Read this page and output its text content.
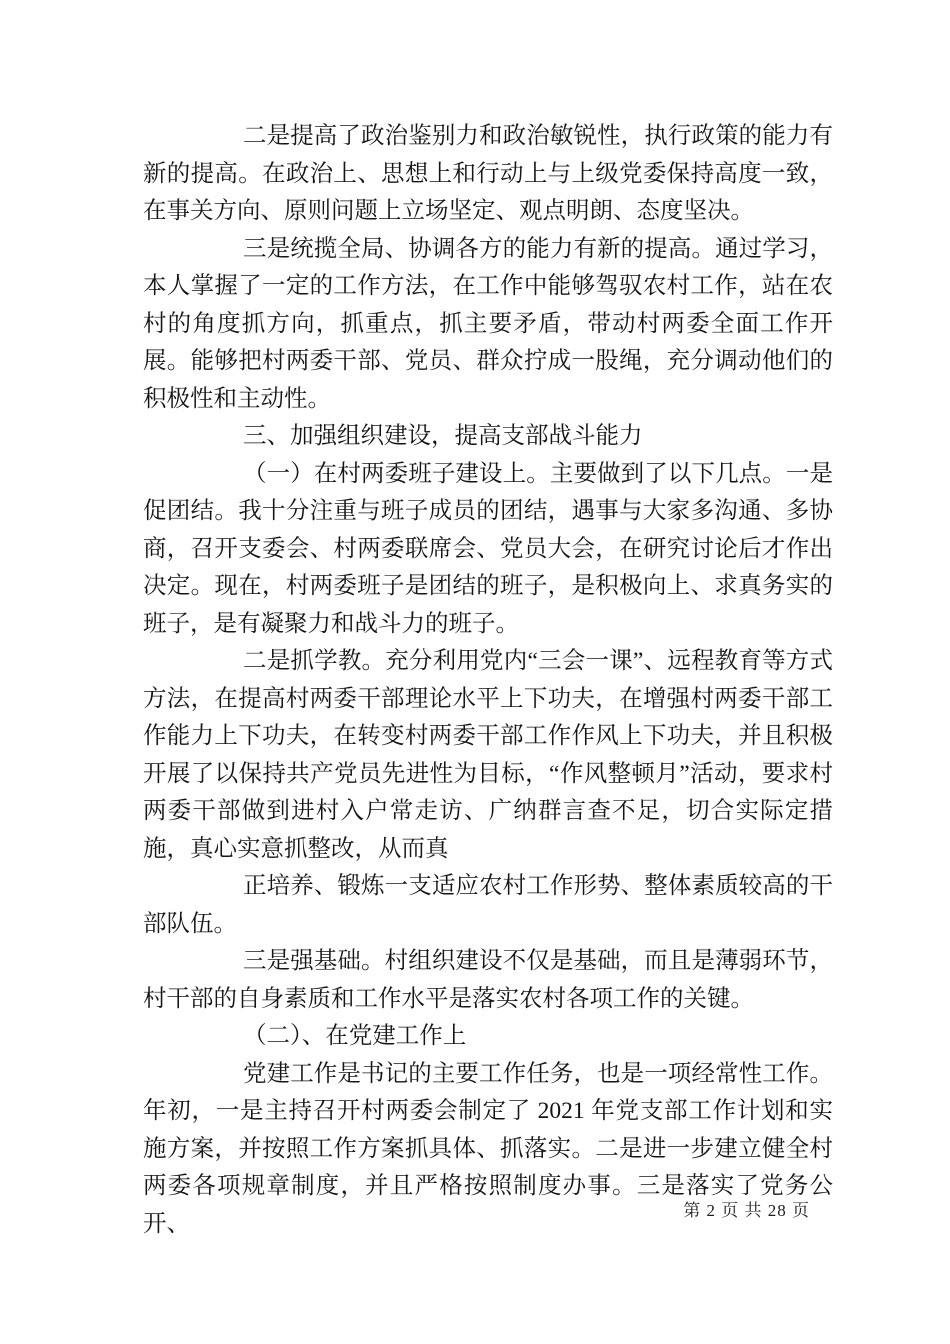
二是提高了政治鉴别力和政治敏锐性，执行政策的能力有新的提高。在政治上、思想上和行动上与上级党委保持高度一致，在事关方向、原则问题上立场坚定、观点明朗、态度坚决。

三是统揽全局、协调各方的能力有新的提高。通过学习，本人掌握了一定的工作方法，在工作中能够驾驭农村工作，站在农村的角度抓方向，抓重点，抓主要矛盾，带动村两委全面工作开展。能够把村两委干部、党员、群众拧成一股绳，充分调动他们的积极性和主动性。

三、加强组织建设，提高支部战斗能力

（一）在村两委班子建设上。主要做到了以下几点。一是促团结。我十分注重与班子成员的团结，遇事与大家多沟通、多协商，召开支委会、村两委联席会、党员大会，在研究讨论后才作出决定。现在，村两委班子是团结的班子，是积极向上、求真务实的班子，是有凝聚力和战斗力的班子。

二是抓学教。充分利用党内“三会一课”、远程教育等方式方法，在提高村两委干部理论水平上下功夫，在增强村两委干部工作能力上下功夫，在转变村两委干部工作作风上下功夫，并且积极开展了以保持共产党员先进性为目标，“作风整顿月”活动，要求村两委干部做到进村入户常走访、广纳群言查不足，切合实际定措施，真心实意抓整改，从而真

正培养、锻炼一支适应农村工作形势、整体素质较高的干部队伍。

三是强基础。村组织建设不仅是基础，而且是薄弱环节，村干部的自身素质和工作水平是落实农村各项工作的关键。

（二）、在党建工作上

党建工作是书记的主要工作任务，也是一项经常性工作。年初，一是主持召开村两委会制定了 2021 年党支部工作计划和实施方案，并按照工作方案抓具体、抓落实。二是进一步建立健全村两委各项规章制度，并且严格按照制度办事。三是落实了党务公开、	第 2 页 共 28 页
